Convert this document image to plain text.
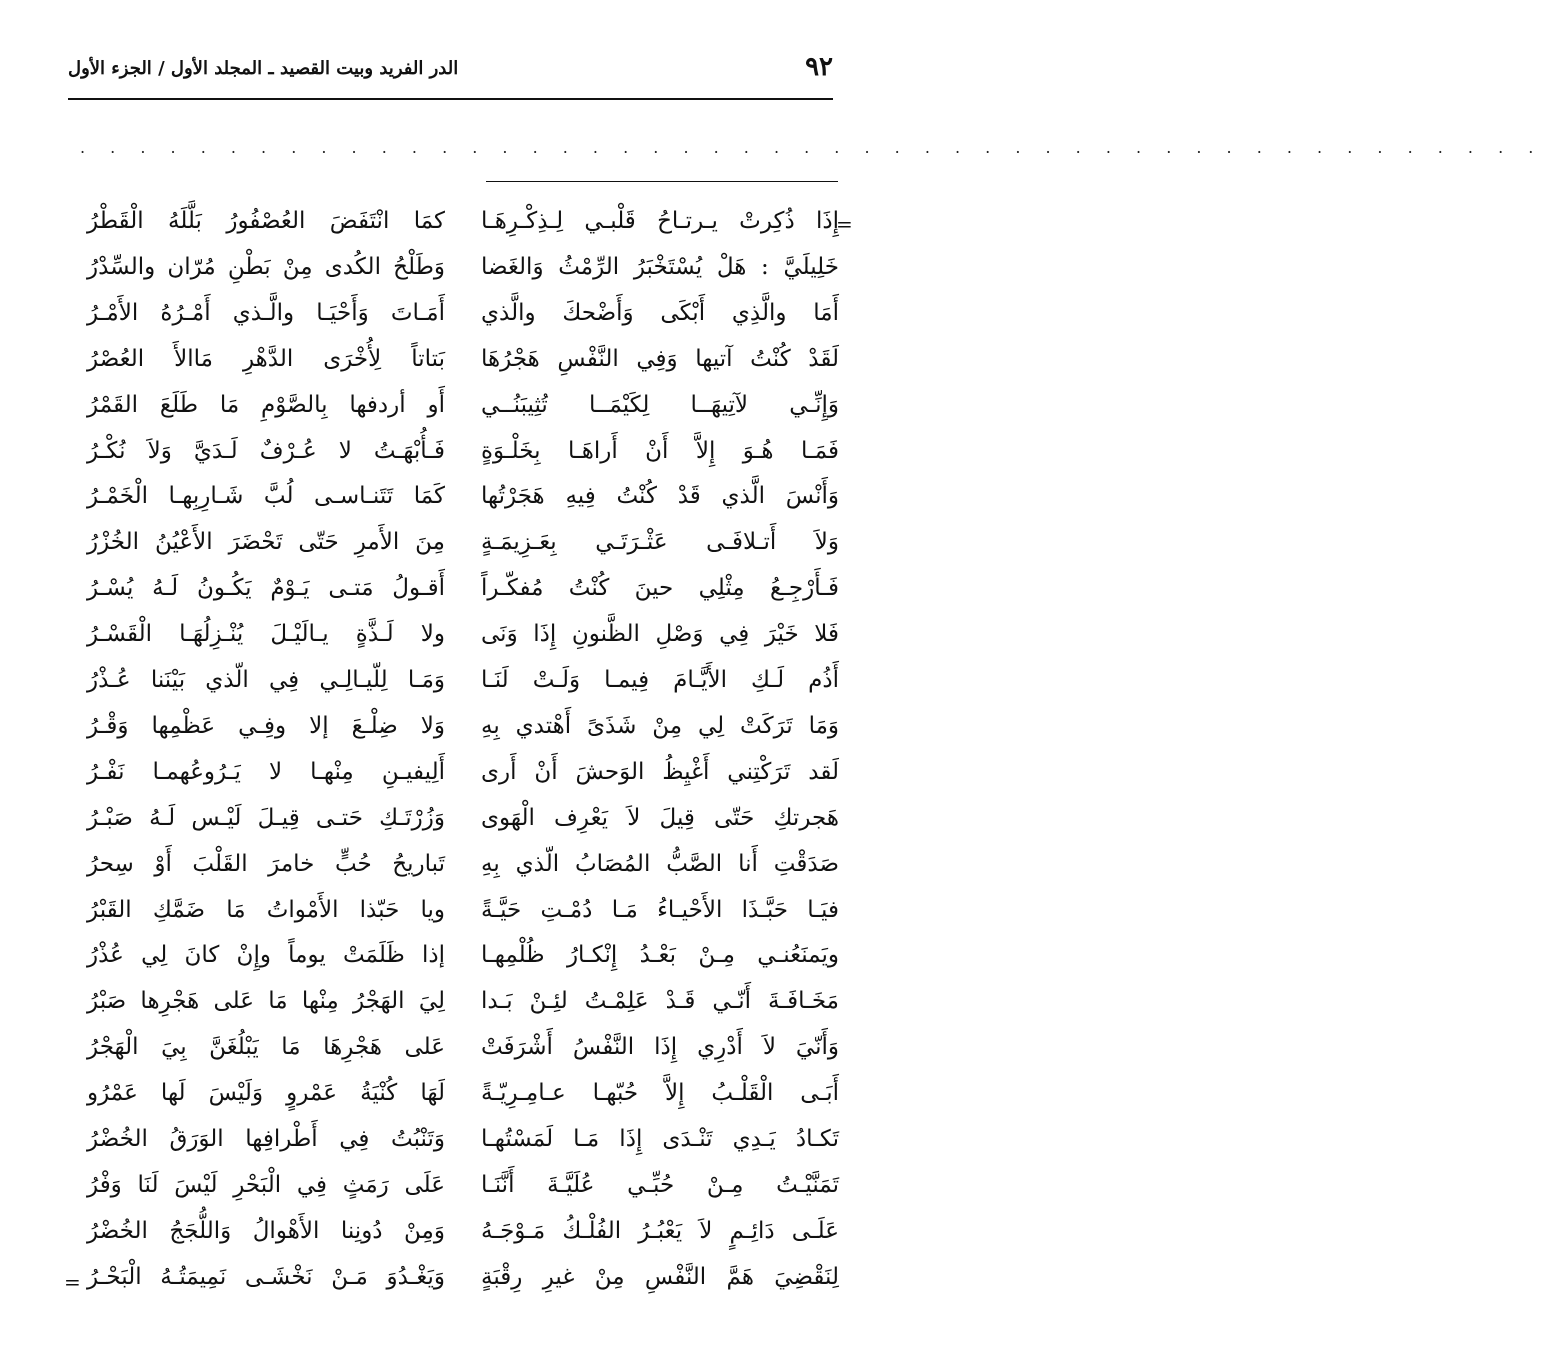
٩٢
الدر الفريد وبيت القصيد ـ المجلد الأول / الجزء الأول
. . . . . . . . . . . . . . . . . . . . . . . . . . . . . . . . . . . . . . . . . . . . . . . . .
=
إِذَا ذُكِرتْ يـرتـاحُ قَلْبـي لِـذِكْـرِهَـا
كمَا انْتَفَضَ العُصْفُورُ بَلَّلَهُ الْقَطْرُ
خَلِيلَيَّ : هَلْ يُسْتَخْبَرُ الرِّمْثُ وَالغَضا
وَطَلْحُ الكُدى مِنْ بَطْنِ مُرّان والسِّدْرُ
أَمَا والَّذِي أَبْكَى وَأَضْحكَ والَّذي
أَمَـاتَ وَأَحْيَـا والَّـذي أَمْـرُهُ الأَمْـرُ
لَقَدْ كُنْتُ آتيها وَفِي النَّفْسِ هَجْرُهَا
بَتاتاً لِأُخْرَى الدَّهْرِ مَاالأَ العُصْرُ
وَإِنِّـي لآتِيهَــا لِكَيْمَــا تُثِيبَنُــي
أَو أردفها بِالصَّوْمِ مَا طَلَعَ القَمْرُ
فَمَـا هُـوَ إِلاَّ أَنْ أَراهَـا بِخَلْـوَةٍ
فَـأُبْهَـتُ لا عُـرْفٌ لَـدَيَّ وَلاَ نُكْـرُ
وَأَنْسَ الَّذي قَدْ كُنْتُ فِيهِ هَجَرْتُها
كَمَا تَتَنـاسـى لُبَّ شَـارِبِهـا الْخَمْـرُ
وَلاَ أَتـلافَـى عَثْـرَتَـي بِعَـزِيمَـةٍ
مِنَ الأَمرِ حَتّى تَحْضَرَ الأَعْيُنُ الخُزْرُ
فَـأَرْجِـعُ مِثْلِي حينَ كُنْتُ مُفكّـراً
أَقـولُ مَتـى يَـوْمٌ يَكُـونُ لَـهُ يُسْـرُ
فَلا خَيْرَ فِي وَصْلِ الظَّنونِ إِذَا وَنَى
ولا لَـذَّةٍ يـالَيْـلَ يُنْـزِلُهَـا الْقَسْـرُ
أَذُم لَـكِ الأَيَّـامَ فِيمـا وَلَـتْ لَنَـا
وَمَـا لِلّيـالِـي فِي الّذي بَيْنَنا عُـذْرُ
وَمَا تَرَكَتْ لِي مِنْ شَذَىً أَهْتدي بِهِ
وَلا ضِلْـعَ إلا وفِـي عَظْمِها وَقْـرُ
لَقد تَرَكْتِني أَغْيِظُ الوَحشَ أَنْ أَرى
أَلِيفيـنِ مِنْهـا لا يَـرُوعُهمـا نَفْـرُ
هَجرتكِ حَتّى قِيلَ لاَ يَعْرِف الْهَوى
وَزُرْتَـكِ حَتـى قِيـلَ لَيْـس لَـهُ صَبْـرُ
صَدَقْتِ أَنا الصَّبُّ المُصَابُ الّذي بِهِ
تَباريحُ حُبٍّ خامرَ القَلْبَ أَوْ سِحرُ
فيَـا حَبَّـذَا الأَحْيـاءُ مَـا دُمْـتِ حَيَّـةً
ويا حَبّذا الأَمْواتُ مَا ضَمَّكِ القَبْرُ
ويَمنَعُنـي مِـنْ بَعْـدُ إِنْكـارُ ظُلْمِهـا
إذا ظَلَمَتْ يوماً وإِنْ كانَ لِي عُذْرُ
مَخَـافَـةَ أَنّـي قَـدْ عَلِمْـتُ لئِـنْ بَـدا
لِيَ الهَجْرُ مِنْها مَا عَلى هَجْرِها صَبْرُ
وَأَنّيَ لاَ أَدْرِي إِذَا النَّفْسُ أَشْرَفَتْ
عَلى هَجْرِهَا مَا يَبْلُغَنَّ بِيَ الْهَجْرُ
أَبَـى الْقَلْـبُ إِلاَّ حُبّهـا عـامِـرِيّـةً
لَهَا كُنْيَةُ عَمْروٍ وَلَيْسَ لَها عَمْرُو
تَكـادُ يَـدِي تَنْـدَى إِذَا مَـا لَمَسْتُهـا
وَتَنْبُتُ فِي أَطْرافِها الوَرَقُ الخُضْرُ
تَمَنَّيْـتُ مِـنْ حُبِّـي عُلَيَّـةَ أَنَّنَـا
عَلَى رَمَثٍ فِي الْبَحْرِ لَيْسَ لَنَا وَفْرُ
عَلَـى دَائِـمٍ لاَ يَعْبُـرُ الفُلْـكُ مَـوْجَـهُ
وَمِنْ دُونِنا الأَهْوالُ وَاللُّجَجُ الخُضْرُ
لِنَقْضِيَ هَمَّ النَّفْسِ مِنْ غيرِ رِقْبَةٍ
وَيَغْـدُوَ مَـنْ نَخْشَـى نَمِيمَتُـهُ الْبَحْـرُ
=
